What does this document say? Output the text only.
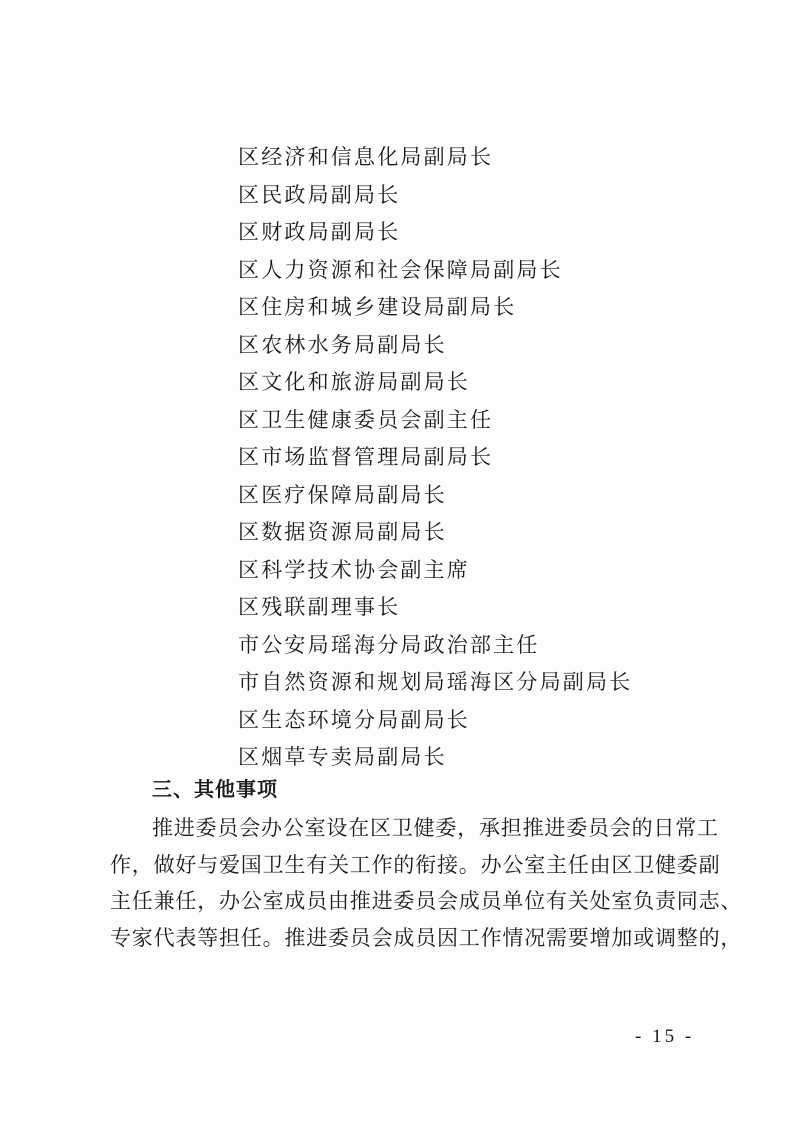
区经济和信息化局副局长
区民政局副局长
区财政局副局长
区人力资源和社会保障局副局长
区住房和城乡建设局副局长
区农林水务局副局长
区文化和旅游局副局长
区卫生健康委员会副主任
区市场监督管理局副局长
区医疗保障局副局长
区数据资源局副局长
区科学技术协会副主席
区残联副理事长
市公安局瑶海分局政治部主任
市自然资源和规划局瑶海区分局副局长
区生态环境分局副局长
区烟草专卖局副局长
三、其他事项
推进委员会办公室设在区卫健委，承担推进委员会的日常工
作，做好与爱国卫生有关工作的衔接。办公室主任由区卫健委副
主任兼任，办公室成员由推进委员会成员单位有关处室负责同志、
专家代表等担任。推进委员会成员因工作情况需要增加或调整的，
- 15 -
